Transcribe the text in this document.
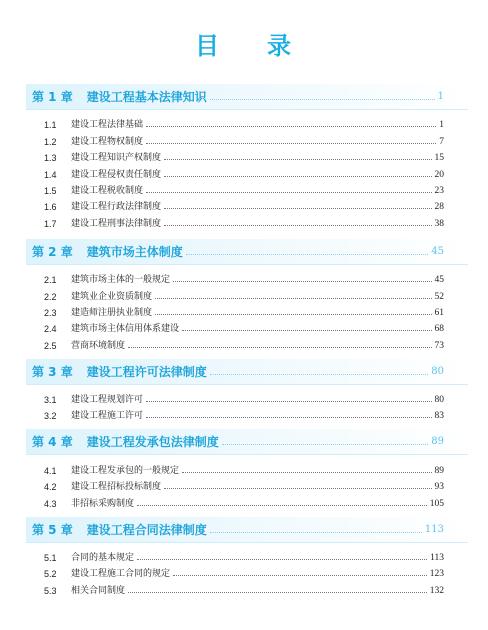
目 录
第 1 章 建设工程基本法律知识	1
1.1	建设工程法律基础	1
1.2	建设工程物权制度	7
1.3	建设工程知识产权制度	15
1.4	建设工程侵权责任制度	20
1.5	建设工程税收制度	23
1.6	建设工程行政法律制度	28
1.7	建设工程刑事法律制度	38
第 2 章 建筑市场主体制度	45
2.1	建筑市场主体的一般规定	45
2.2	建筑业企业资质制度	52
2.3	建造师注册执业制度	61
2.4	建筑市场主体信用体系建设	68
2.5	营商环境制度	73
第 3 章 建设工程许可法律制度	80
3.1	建设工程规划许可	80
3.2	建设工程施工许可	83
第 4 章 建设工程发承包法律制度	89
4.1	建设工程发承包的一般规定	89
4.2	建设工程招标投标制度	93
4.3	非招标采购制度	105
第 5 章 建设工程合同法律制度	113
5.1	合同的基本规定	113
5.2	建设工程施工合同的规定	123
5.3	相关合同制度	132
